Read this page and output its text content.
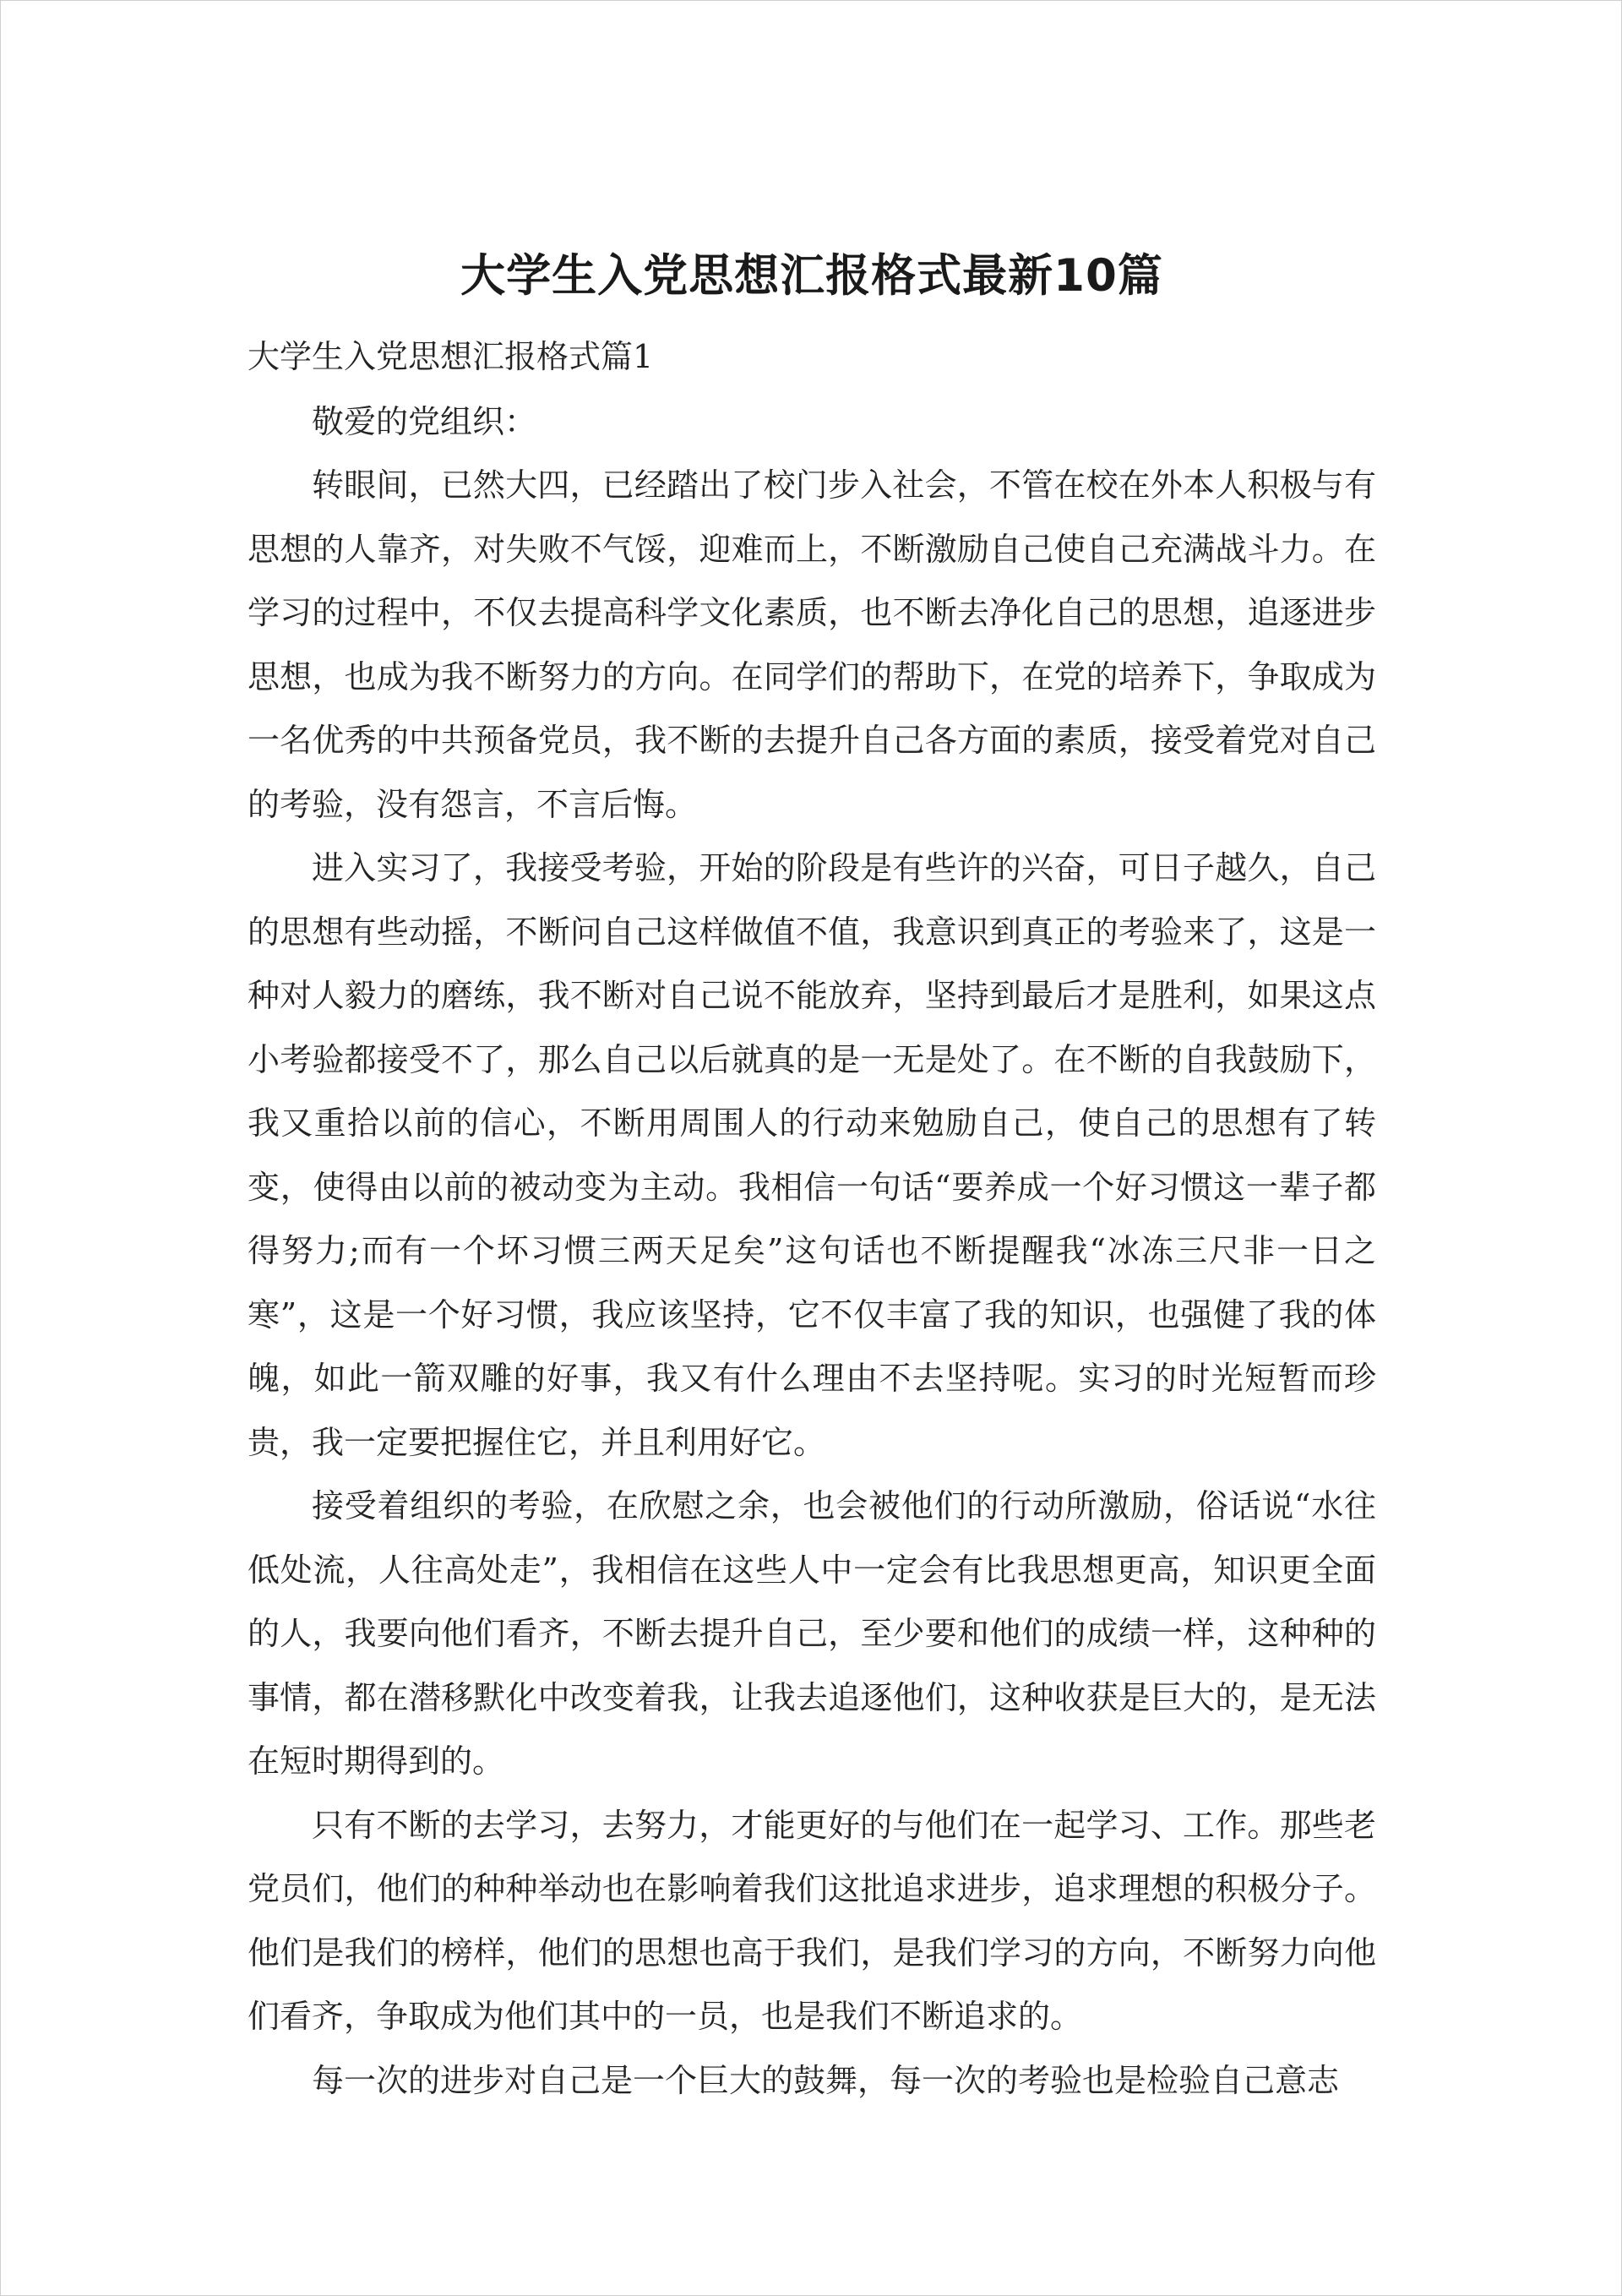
大学生入党思想汇报格式最新10篇
大学生入党思想汇报格式篇1
敬爱的党组织：

转眼间，已然大四，已经踏出了校门步入社会，不管在校在外本人积极与有思想的人靠齐，对失败不气馁，迎难而上，不断激励自己使自己充满战斗力。在学习的过程中，不仅去提高科学文化素质，也不断去净化自己的思想，追逐进步思想，也成为我不断努力的方向。在同学们的帮助下，在党的培养下，争取成为一名优秀的中共预备党员，我不断的去提升自己各方面的素质，接受着党对自己的考验，没有怨言，不言后悔。

进入实习了，我接受考验，开始的阶段是有些许的兴奋，可日子越久，自己的思想有些动摇，不断问自己这样做值不值，我意识到真正的考验来了，这是一种对人毅力的磨练，我不断对自己说不能放弃，坚持到最后才是胜利，如果这点小考验都接受不了，那么自己以后就真的是一无是处了。在不断的自我鼓励下，我又重拾以前的信心，不断用周围人的行动来勉励自己，使自己的思想有了转变，使得由以前的被动变为主动。我相信一句话“要养成一个好习惯这一辈子都得努力;而有一个坏习惯三两天足矣”这句话也不断提醒我“冰冻三尺非一日之寒”，这是一个好习惯，我应该坚持，它不仅丰富了我的知识，也强健了我的体魄，如此一箭双雕的好事，我又有什么理由不去坚持呢。实习的时光短暂而珍贵，我一定要把握住它，并且利用好它。

接受着组织的考验，在欣慰之余，也会被他们的行动所激励，俗话说“水往低处流，人往高处走”，我相信在这些人中一定会有比我思想更高，知识更全面的人，我要向他们看齐，不断去提升自己，至少要和他们的成绩一样，这种种的事情，都在潜移默化中改变着我，让我去追逐他们，这种收获是巨大的，是无法在短时期得到的。

只有不断的去学习，去努力，才能更好的与他们在一起学习、工作。那些老党员们，他们的种种举动也在影响着我们这批追求进步，追求理想的积极分子。他们是我们的榜样，他们的思想也高于我们，是我们学习的方向，不断努力向他们看齐，争取成为他们其中的一员，也是我们不断追求的。

每一次的进步对自己是一个巨大的鼓舞，每一次的考验也是检验自己意志
